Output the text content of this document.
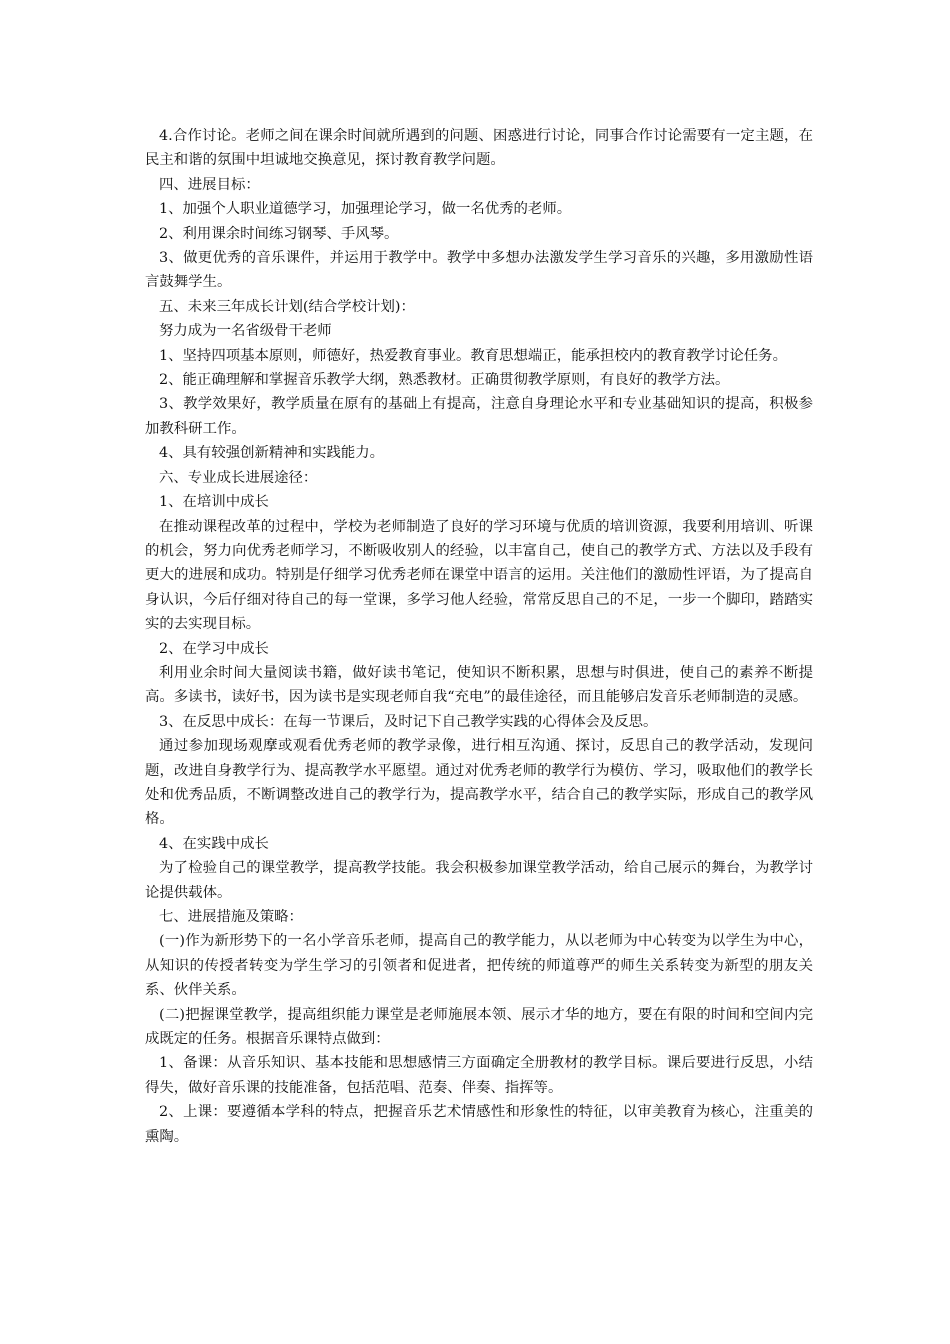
4.合作讨论。老师之间在课余时间就所遇到的问题、困惑进行讨论，同事合作讨论需要有一定主题，在民主和谐的氛围中坦诚地交换意见，探讨教育教学问题。

四、进展目标：

1、加强个人职业道德学习，加强理论学习，做一名优秀的老师。

2、利用课余时间练习钢琴、手风琴。

3、做更优秀的音乐课件，并运用于教学中。教学中多想办法激发学生学习音乐的兴趣，多用激励性语言鼓舞学生。

五、未来三年成长计划(结合学校计划)：

努力成为一名省级骨干老师

1、坚持四项基本原则，师德好，热爱教育事业。教育思想端正，能承担校内的教育教学讨论任务。

2、能正确理解和掌握音乐教学大纲，熟悉教材。正确贯彻教学原则，有良好的教学方法。

3、教学效果好，教学质量在原有的基础上有提高，注意自身理论水平和专业基础知识的提高，积极参加教科研工作。

4、具有较强创新精神和实践能力。

六、专业成长进展途径：

1、在培训中成长

在推动课程改革的过程中，学校为老师制造了良好的学习环境与优质的培训资源，我要利用培训、听课的机会，努力向优秀老师学习，不断吸收别人的经验，以丰富自己，使自己的教学方式、方法以及手段有更大的进展和成功。特别是仔细学习优秀老师在课堂中语言的运用。关注他们的激励性评语，为了提高自身认识，今后仔细对待自己的每一堂课，多学习他人经验，常常反思自己的不足，一步一个脚印，踏踏实实的去实现目标。

2、在学习中成长

利用业余时间大量阅读书籍，做好读书笔记，使知识不断积累，思想与时俱进，使自己的素养不断提高。多读书，读好书，因为读书是实现老师自我“充电”的最佳途径，而且能够启发音乐老师制造的灵感。

3、在反思中成长：在每一节课后，及时记下自己教学实践的心得体会及反思。

通过参加现场观摩或观看优秀老师的教学录像，进行相互沟通、探讨，反思自己的教学活动，发现问题，改进自身教学行为、提高教学水平愿望。通过对优秀老师的教学行为模仿、学习，吸取他们的教学长处和优秀品质，不断调整改进自己的教学行为，提高教学水平，结合自己的教学实际，形成自己的教学风格。

4、在实践中成长

为了检验自己的课堂教学，提高教学技能。我会积极参加课堂教学活动，给自己展示的舞台，为教学讨论提供载体。

七、进展措施及策略：

(一)作为新形势下的一名小学音乐老师，提高自己的教学能力，从以老师为中心转变为以学生为中心，从知识的传授者转变为学生学习的引领者和促进者，把传统的师道尊严的师生关系转变为新型的朋友关系、伙伴关系。

(二)把握课堂教学，提高组织能力课堂是老师施展本领、展示才华的地方，要在有限的时间和空间内完成既定的任务。根据音乐课特点做到：

1、备课：从音乐知识、基本技能和思想感情三方面确定全册教材的教学目标。课后要进行反思，小结得失，做好音乐课的技能准备，包括范唱、范奏、伴奏、指挥等。

2、上课：要遵循本学科的特点，把握音乐艺术情感性和形象性的特征，以审美教育为核心，注重美的熏陶。
